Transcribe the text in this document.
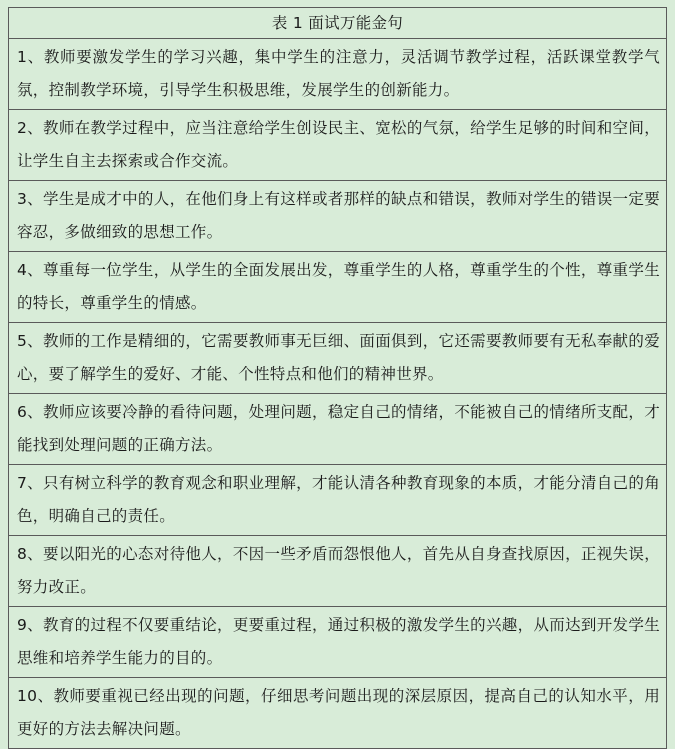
表 1 面试万能金句
1、教师要激发学生的学习兴趣，集中学生的注意力，灵活调节教学过程，活跃课堂教学气氛，控制教学环境，引导学生积极思维，发展学生的创新能力。
2、教师在教学过程中，应当注意给学生创设民主、宽松的气氛，给学生足够的时间和空间，让学生自主去探索或合作交流。
3、学生是成才中的人，在他们身上有这样或者那样的缺点和错误，教师对学生的错误一定要容忍，多做细致的思想工作。
4、尊重每一位学生，从学生的全面发展出发，尊重学生的人格，尊重学生的个性，尊重学生的特长，尊重学生的情感。
5、教师的工作是精细的，它需要教师事无巨细、面面俱到，它还需要教师要有无私奉献的爱心，要了解学生的爱好、才能、个性特点和他们的精神世界。
6、教师应该要冷静的看待问题，处理问题，稳定自己的情绪，不能被自己的情绪所支配，才能找到处理问题的正确方法。
7、只有树立科学的教育观念和职业理解，才能认清各种教育现象的本质，才能分清自己的角色，明确自己的责任。
8、要以阳光的心态对待他人，不因一些矛盾而怨恨他人，首先从自身查找原因，正视失误，努力改正。
9、教育的过程不仅要重结论，更要重过程，通过积极的激发学生的兴趣，从而达到开发学生思维和培养学生能力的目的。
10、教师要重视已经出现的问题，仔细思考问题出现的深层原因，提高自己的认知水平，用更好的方法去解决问题。
